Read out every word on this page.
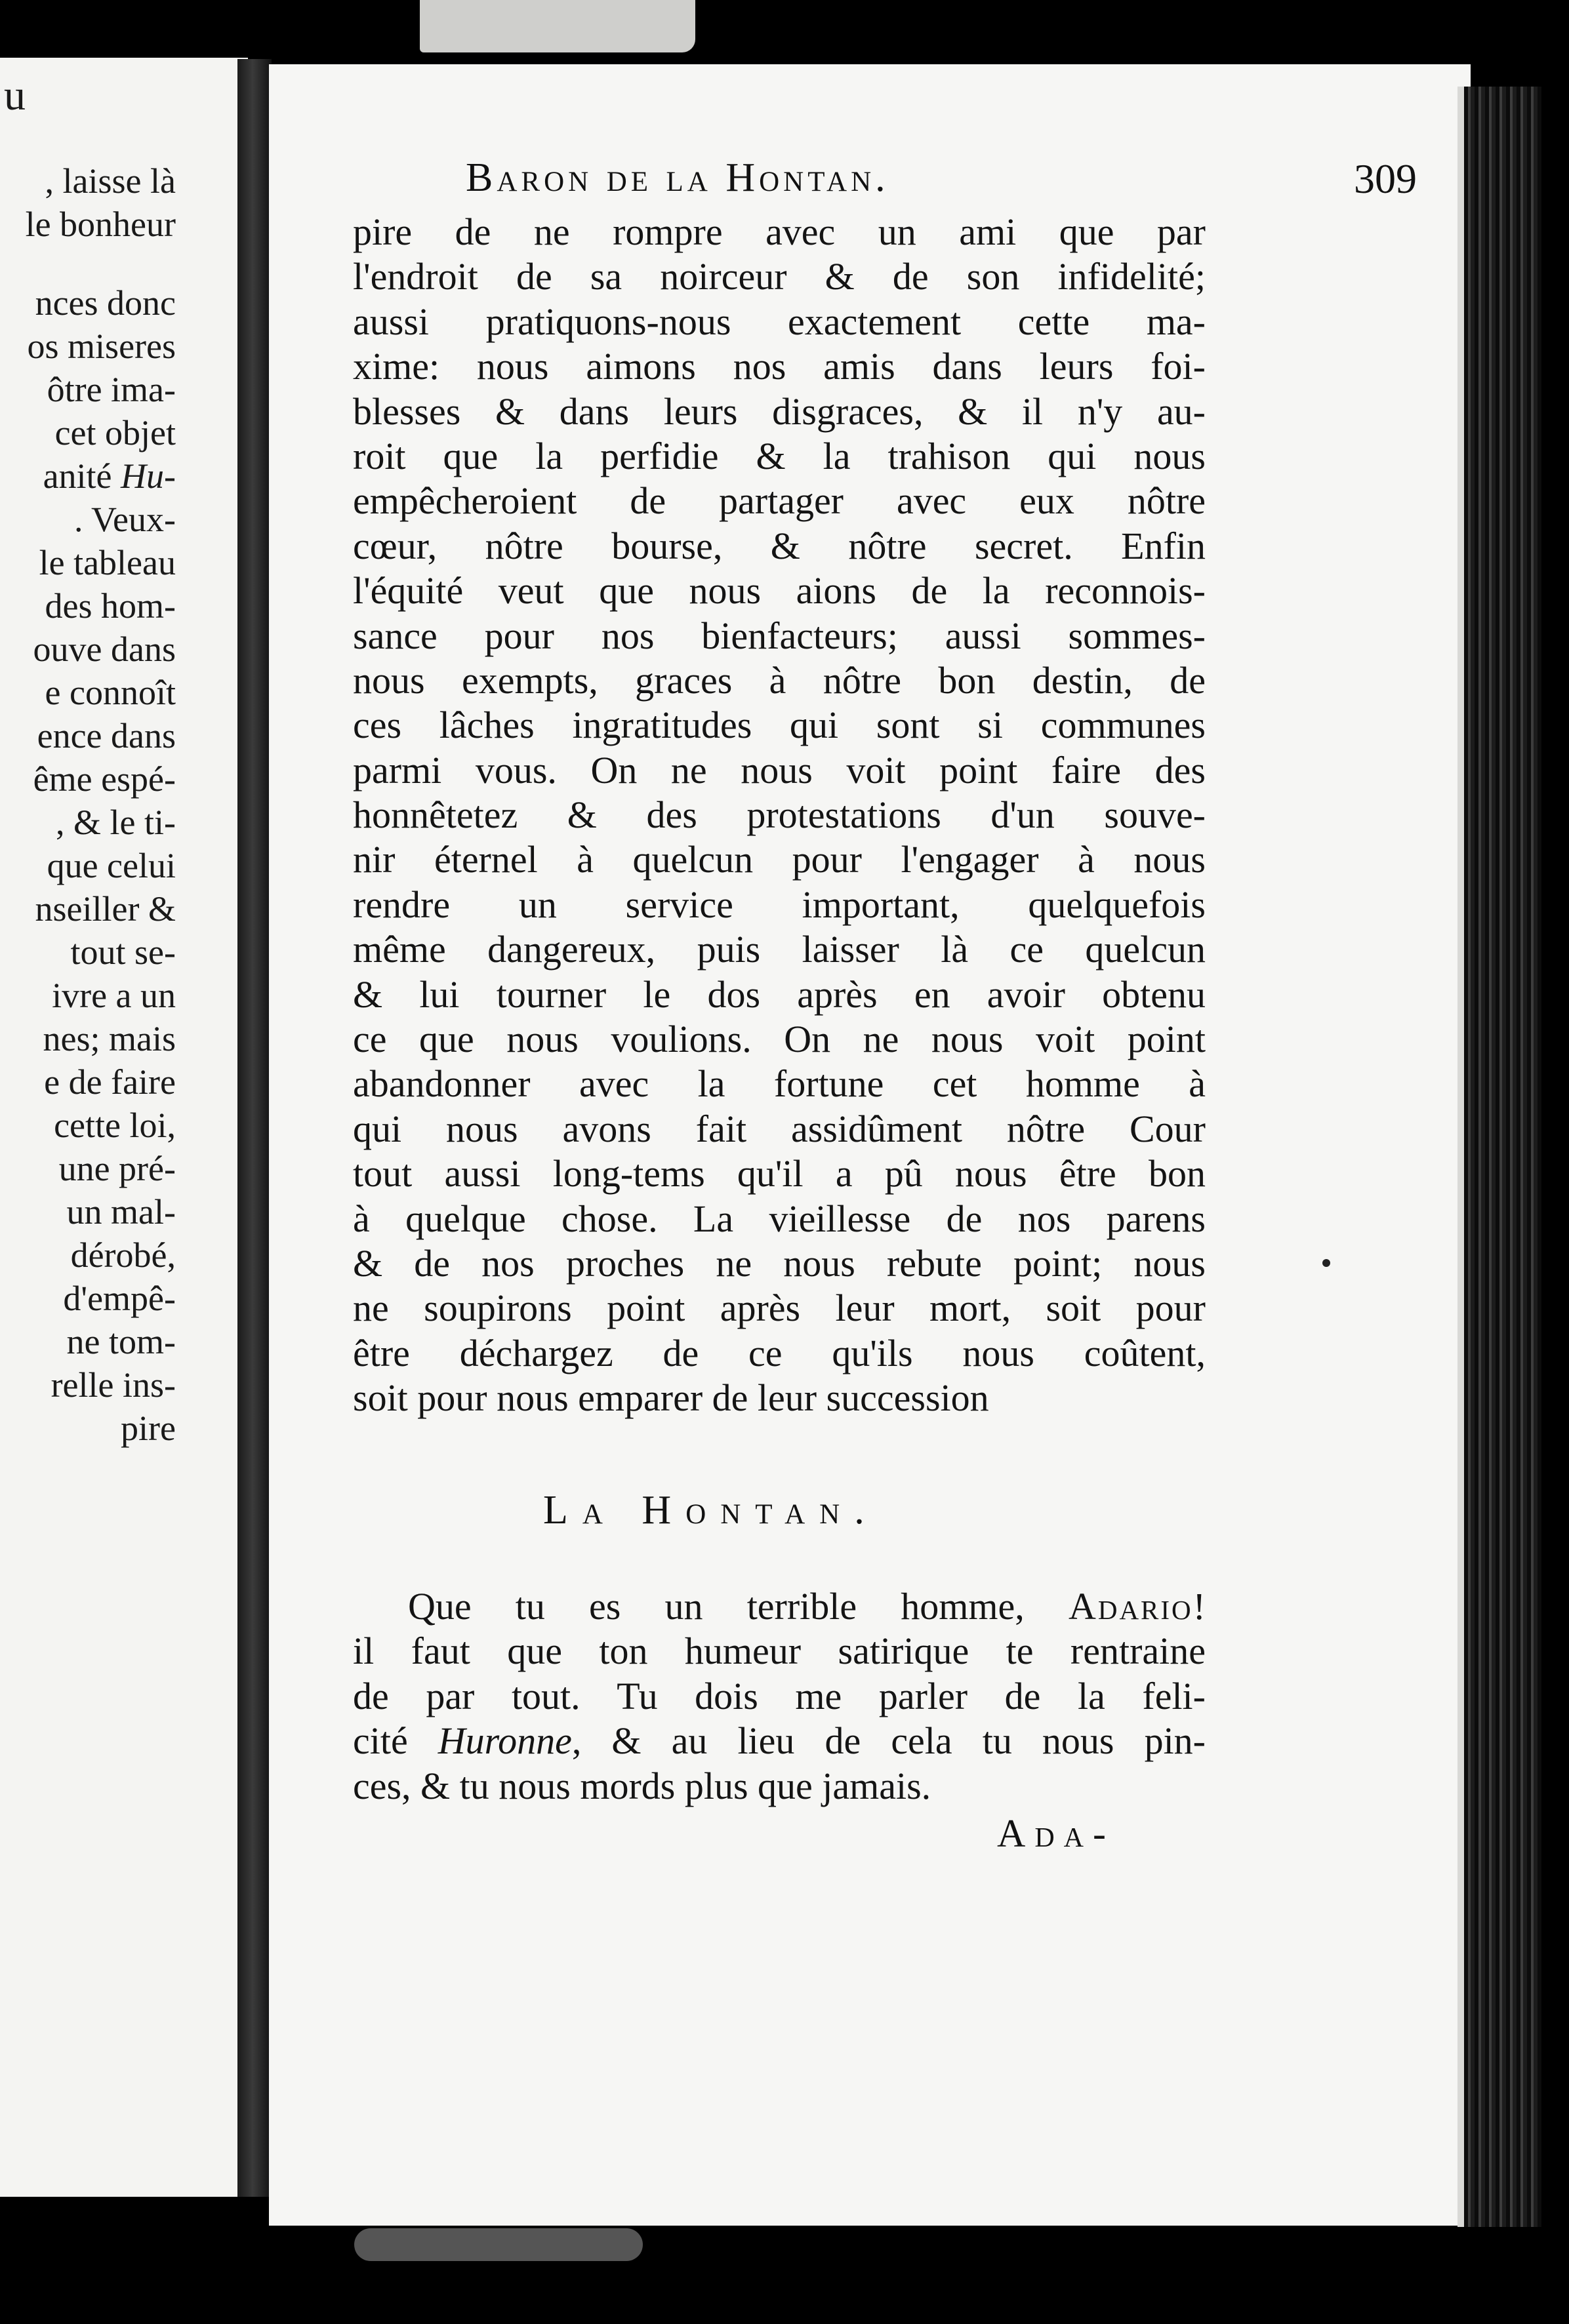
u
, laisse là
le bonheur
nces donc
os miseres
ôtre ima-
cet objet
anité Hu-
. Veux-
le tableau
des hom-
ouve dans
e connoît
ence dans
ême espé-
, & le ti-
que celui
nseiller &
tout se-
ivre a un
nes; mais
e de faire
cette loi,
une pré-
un mal-
dérobé,
d'empê-
ne tom-
relle ins-
pire
Baron de la Hontan.	309
pire de ne rompre avec un ami que par
l'endroit de sa noirceur & de son infidelité;
aussi pratiquons-nous exactement cette ma-
xime: nous aimons nos amis dans leurs foi-
blesses & dans leurs disgraces, & il n'y au-
roit que la perfidie & la trahison qui nous
empêcheroient de partager avec eux nôtre
cœur, nôtre bourse, & nôtre secret. Enfin
l'équité veut que nous aions de la reconnois-
sance pour nos bienfacteurs; aussi sommes-
nous exempts, graces à nôtre bon destin, de
ces lâches ingratitudes qui sont si communes
parmi vous. On ne nous voit point faire des
honnêtetez & des protestations d'un souve-
nir éternel à quelcun pour l'engager à nous
rendre un service important, quelquefois
même dangereux, puis laisser là ce quelcun
& lui tourner le dos après en avoir obtenu
ce que nous voulions. On ne nous voit point
abandonner avec la fortune cet homme à
qui nous avons fait assidûment nôtre Cour
tout aussi long-tems qu'il a pû nous être bon
à quelque chose. La vieillesse de nos parens
& de nos proches ne nous rebute point; nous
ne soupirons point après leur mort, soit pour
être déchargez de ce qu'ils nous coûtent,
soit pour nous emparer de leur succession
La Hontan.
Que tu es un terrible homme, Adario!
il faut que ton humeur satirique te rentraine
de par tout. Tu dois me parler de la feli-
cité Huronne, & au lieu de cela tu nous pin-
ces, & tu nous mords plus que jamais.
Ada-
